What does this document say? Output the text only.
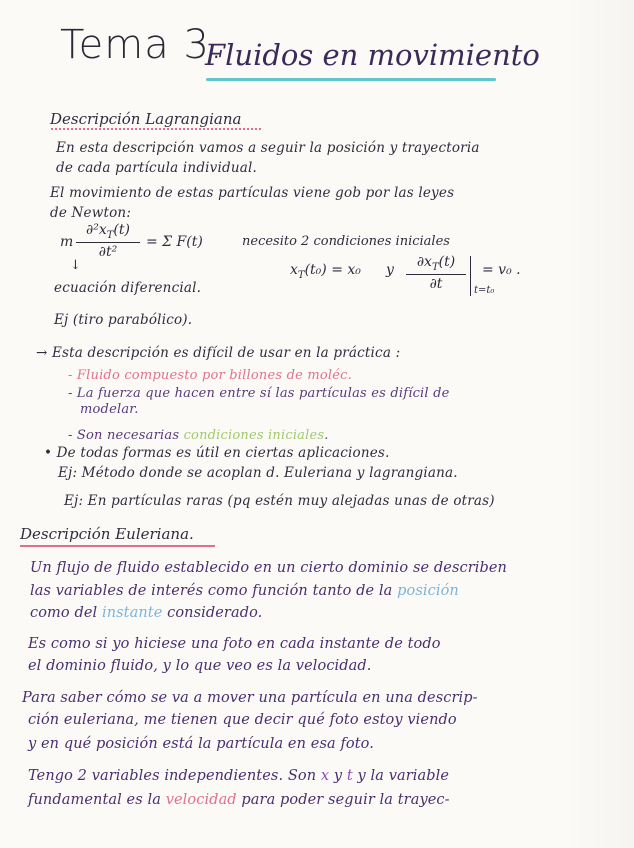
Tema 3.
Fluidos en movimiento
Descripción Lagrangiana
En esta descripción vamos a seguir la posición y trayectoria
de cada partícula individual.
El movimiento de estas partículas viene gob por las leyes
de Newton:
m
$\partial^2x_T(t)$
∂t²
= Σ F(t)	necesito 2 condiciones iniciales
↓	$x_T(t_0) = x_0$ y	$\partial x_T(t)$
∂t	t=t₀
= v₀ .
ecuación diferencial.
Ej (tiro parabólico).
→ Esta descripción es difícil de usar en la práctica :
- Fluido compuesto por billones de moléc.
- La fuerza que hacen entre sí las partículas es difícil de
modelar.
- Son necesarias condiciones iniciales.
• De todas formas es útil en ciertas aplicaciones.
Ej: Método donde se acoplan d. Euleriana y lagrangiana.
Ej: En partículas raras (pq estén muy alejadas unas de otras)
Descripción Euleriana.
Un flujo de fluido establecido en un cierto dominio se describen
las variables de interés como función tanto de la posición
como del instante considerado.
Es como si yo hiciese una foto en cada instante de todo
el dominio fluido, y lo que veo es la velocidad.
Para saber cómo se va a mover una partícula en una descrip-
ción euleriana, me tienen que decir qué foto estoy viendo
y en qué posición está la partícula en esa foto.
Tengo 2 variables independientes. Son x y t y la variable
fundamental es la velocidad para poder seguir la trayec-
